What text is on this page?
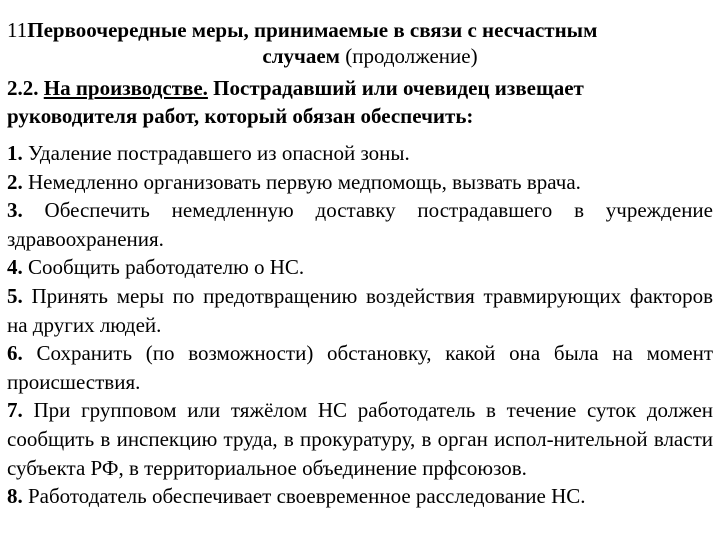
11Первоочередные меры, принимаемые в связи с несчастным
случаем (продолжение)
2.2. На производстве. Пострадавший или очевидец извещает руководителя работ, который обязан обеспечить:
1. Удаление пострадавшего из опасной зоны.
2. Немедленно организовать первую медпомощь, вызвать врача.
3. Обеспечить немедленную доставку пострадавшего в учреждение здравоохранения.
4. Сообщить работодателю о НС.
5. Принять меры по предотвращению воздействия травмирующих факторов на других людей.
6. Сохранить (по возможности) обстановку, какой она была на момент происшествия.
7. При групповом или тяжёлом НС работодатель в течение суток должен сообщить в инспекцию труда, в прокуратуру, в орган испол-нительной власти субъекта РФ, в территориальное объединение прфсоюзов.
8. Работодатель обеспечивает своевременное расследование НС.
